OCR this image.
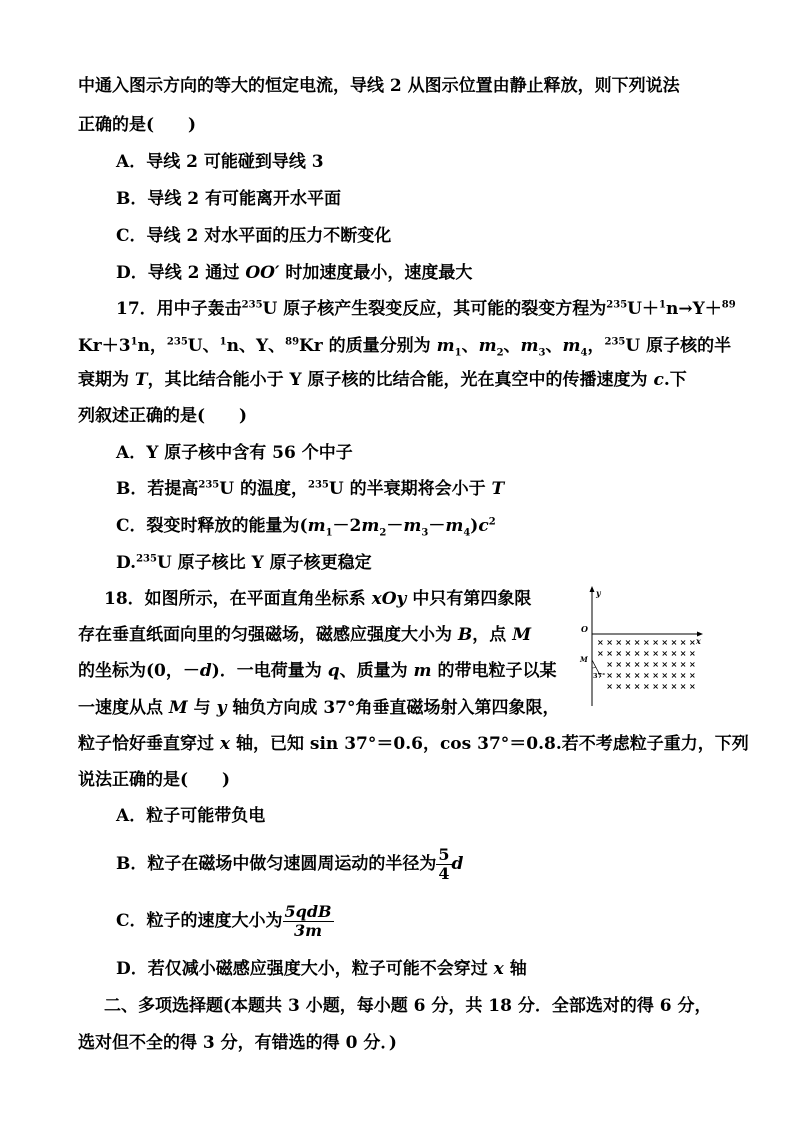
中通入图示方向的等大的恒定电流，导线 2 从图示位置由静止释放，则下列说法
正确的是(　　)
A．导线 2 可能碰到导线 3
B．导线 2 有可能离开水平面
C．导线 2 对水平面的压力不断变化
D．导线 2 通过 OO′ 时加速度最小，速度最大
17．用中子轰击$^{235}$U 原子核产生裂变反应，其可能的裂变方程为$^{235}$U＋$^1$n→Y＋$^{89}$
$Kr+3^1n$，$^{235}$U、$^1$n、Y、$^{89}$Kr 的质量分别为 $m_1$、$m_2$、$m_3$、$m_4$，$^{235}$U 原子核的半
衰期为 T，其比结合能小于 Y 原子核的比结合能，光在真空中的传播速度为 c.下
列叙述正确的是(　　)
A．Y 原子核中含有 56 个中子
B．若提高$^{235}$U 的温度，$^{235}$U 的半衰期将会小于 T
C．裂变时释放的能量为$(m_1-2m_2-m_3-m_4)c^2$
D.$^{235}$U 原子核比 Y 原子核更稳定
18．如图所示，在平面直角坐标系 xOy 中只有第四象限
存在垂直纸面向里的匀强磁场，磁感应强度大小为 B，点 M
的坐标为(0，－d)．一电荷量为 q、质量为 m 的带电粒子以某
一速度从点 M 与 y 轴负方向成 37°角垂直磁场射入第四象限，
粒子恰好垂直穿过 x 轴，已知 sin 37°＝0.6，cos 37°＝0.8.若不考虑粒子重力，下列
说法正确的是(　　)
A．粒子可能带负电
B．粒子在磁场中做匀速圆周运动的半径为 $\frac{5}{4}$ d
C．粒子的速度大小为 $\frac{\text{5qdB}}{3m}$
D．若仅减小磁感应强度大小，粒子可能不会穿过 x 轴
二、多项选择题(本题共 3 小题，每小题 6 分，共 18 分．全部选对的得 6 分，
选对但不全的得 3 分，有错选的得 0 分．)
y
x
O
M
37°
× × × × × × × × × × ×
× × × × × × × × × × ×
× × × × × × × × × ×
× × × × × × × × × ×
× × × × × × × × × ×
